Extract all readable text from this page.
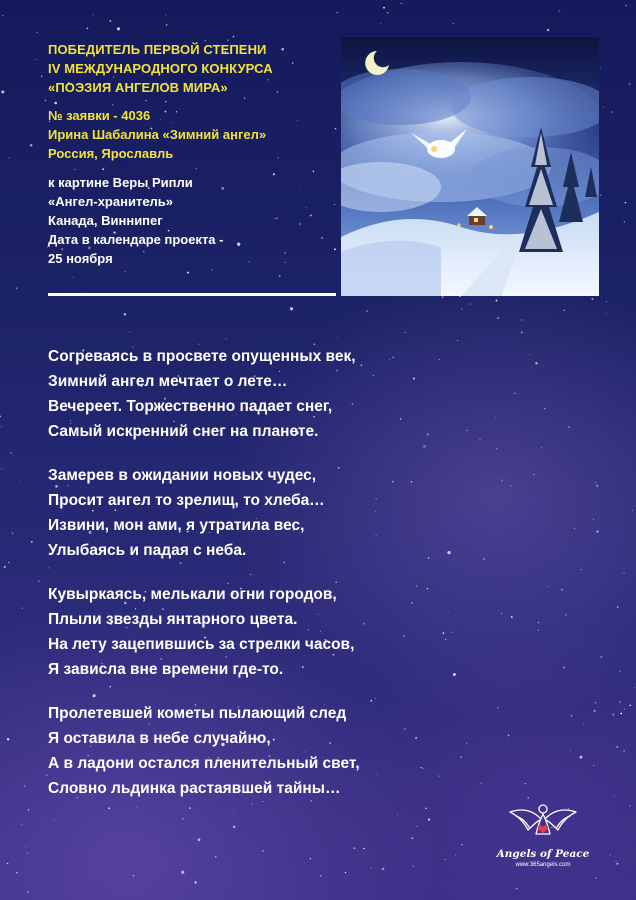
ПОБЕДИТЕЛЬ ПЕРВОЙ СТЕПЕНИ
IV МЕЖДУНАРОДНОГО КОНКУРСА
«ПОЭЗИЯ АНГЕЛОВ МИРА»
№ заявки - 4036
Ирина Шабалина «Зимний ангел»
Россия, Ярославль
к картине Веры Рипли
«Ангел-хранитель»
Канада, Виннипег
Дата в календаре проекта -
25 ноября
Согреваясь в просвете опущенных век,
Зимний ангел мечтает о лете…
Вечереет. Торжественно падает снег,
Самый искренний снег на планете.
Замерев в ожидании новых чудес,
Просит ангел то зрелищ, то хлеба…
Извини, мон ами, я утратила вес,
Улыбаясь и падая с неба.
Кувыркаясь, мелькали огни городов,
Плыли звезды янтарного цвета.
На лету зацепившись за стрелки часов,
Я зависла вне времени где-то.
Пролетевшей кометы пылающий след
Я оставила в небе случайно,
А в ладони остался пленительный свет,
Словно льдинка растаявшей тайны…
Angels of Peace
www.365angels.com
